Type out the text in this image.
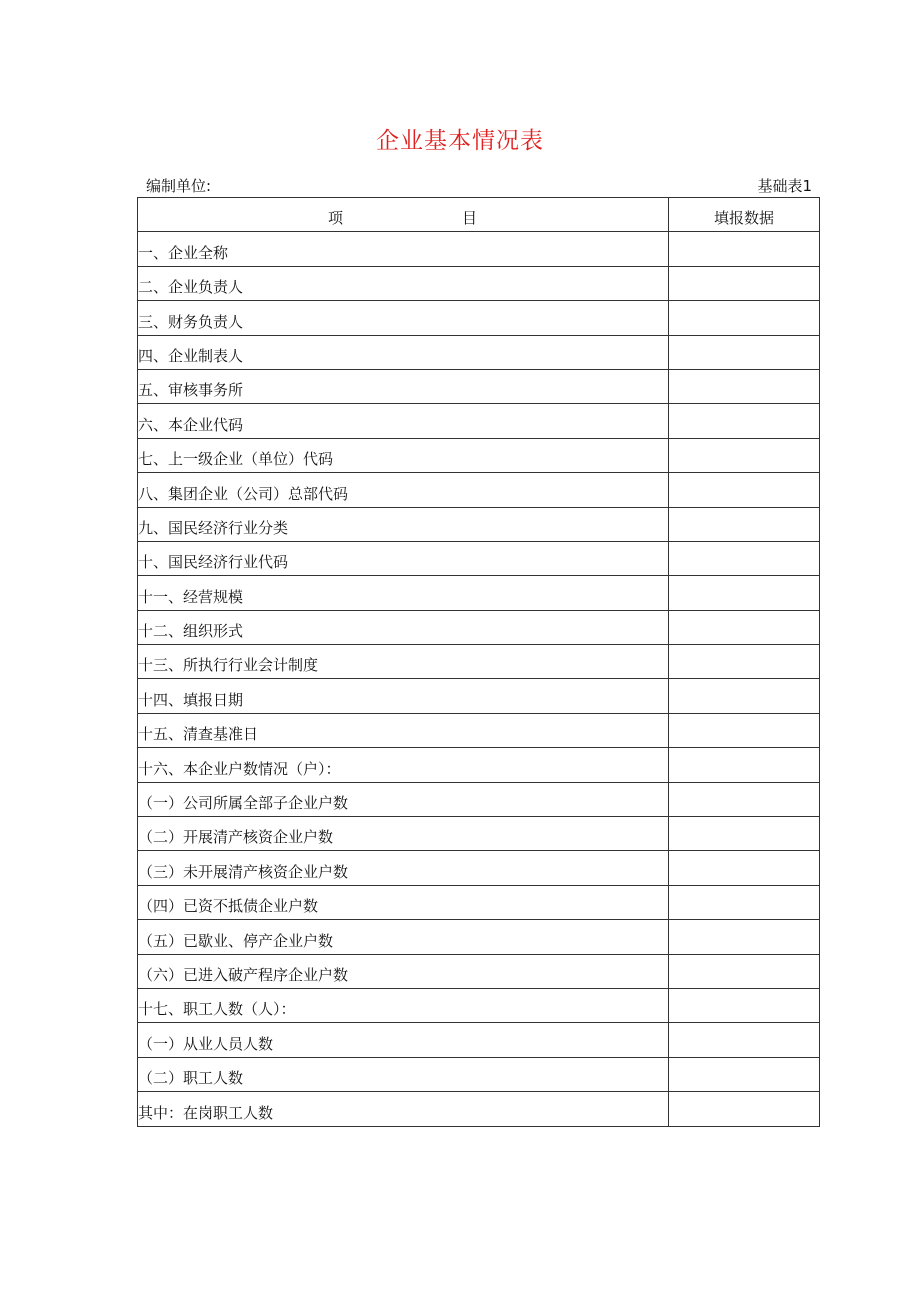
企业基本情况表
编制单位:	基础表1
项 目	填报数据
一、企业全称	
二、企业负责人	
三、财务负责人	
四、企业制表人	
五、审核事务所	
六、本企业代码	
七、上一级企业（单位）代码	
八、集团企业（公司）总部代码	
九、国民经济行业分类	
十、国民经济行业代码	
十一、经营规模	
十二、组织形式	
十三、所执行行业会计制度	
十四、填报日期	
十五、清查基准日	
十六、本企业户数情况（户）：	
（一）公司所属全部子企业户数	
（二）开展清产核资企业户数	
（三）未开展清产核资企业户数	
（四）已资不抵债企业户数	
（五）已歇业、停产企业户数	
（六）已进入破产程序企业户数	
十七、职工人数（人）：	
（一）从业人员人数	
（二）职工人数	
其中：在岗职工人数	
